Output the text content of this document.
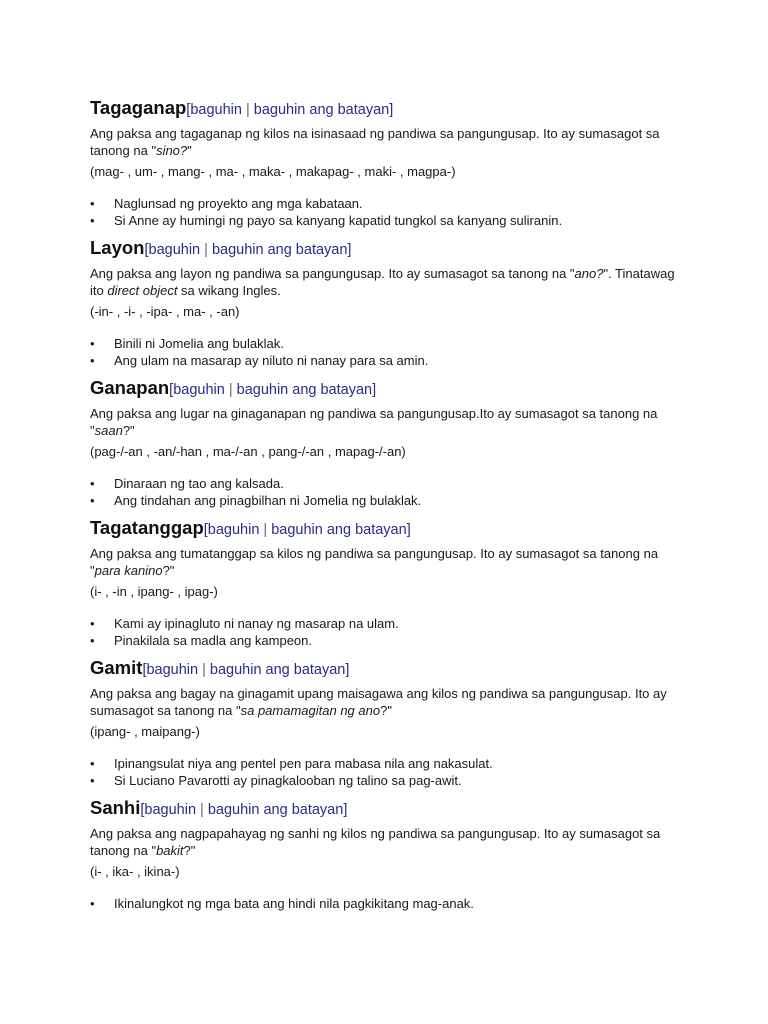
Tagaganap[baguhin | baguhin ang batayan]

Ang paksa ang tagaganap ng kilos na isinasaad ng pandiwa sa pangungusap. Ito ay sumasagot sa tanong na "sino?"

(mag- , um- , mang- , ma- , maka- , makapag- , maki- , magpa-)

• Naglunsad ng proyekto ang mga kabataan.
• Si Anne ay humingi ng payo sa kanyang kapatid tungkol sa kanyang suliranin.
Layon[baguhin | baguhin ang batayan]

Ang paksa ang layon ng pandiwa sa pangungusap. Ito ay sumasagot sa tanong na "ano?". Tinatawag ito direct object sa wikang Ingles.

(-in- , -i- , -ipa- , ma- , -an)

• Binili ni Jomelia ang bulaklak.
• Ang ulam na masarap ay niluto ni nanay para sa amin.
Ganapan[baguhin | baguhin ang batayan]

Ang paksa ang lugar na ginaganapan ng pandiwa sa pangungusap.Ito ay sumasagot sa tanong na "saan?"

(pag-/-an , -an/-han , ma-/-an , pang-/-an , mapag-/-an)

• Dinaraan ng tao ang kalsada.
• Ang tindahan ang pinagbilhan ni Jomelia ng bulaklak.
Tagatanggap[baguhin | baguhin ang batayan]

Ang paksa ang tumatanggap sa kilos ng pandiwa sa pangungusap. Ito ay sumasagot sa tanong na "para kanino?"

(i- , -in , ipang- , ipag-)

• Kami ay ipinagluto ni nanay ng masarap na ulam.
• Pinakilala sa madla ang kampeon.
Gamit[baguhin | baguhin ang batayan]

Ang paksa ang bagay na ginagamit upang maisagawa ang kilos ng pandiwa sa pangungusap. Ito ay sumasagot sa tanong na "sa pamamagitan ng ano?"

(ipang- , maipang-)

• Ipinangsulat niya ang pentel pen para mabasa nila ang nakasulat.
• Si Luciano Pavarotti ay pinagkalooban ng talino sa pag-awit.
Sanhi[baguhin | baguhin ang batayan]

Ang paksa ang nagpapahayag ng sanhi ng kilos ng pandiwa sa pangungusap. Ito ay sumasagot sa tanong na "bakit?"

(i- , ika- , ikina-)

• Ikinalungkot ng mga bata ang hindi nila pagkikitang mag-anak.
